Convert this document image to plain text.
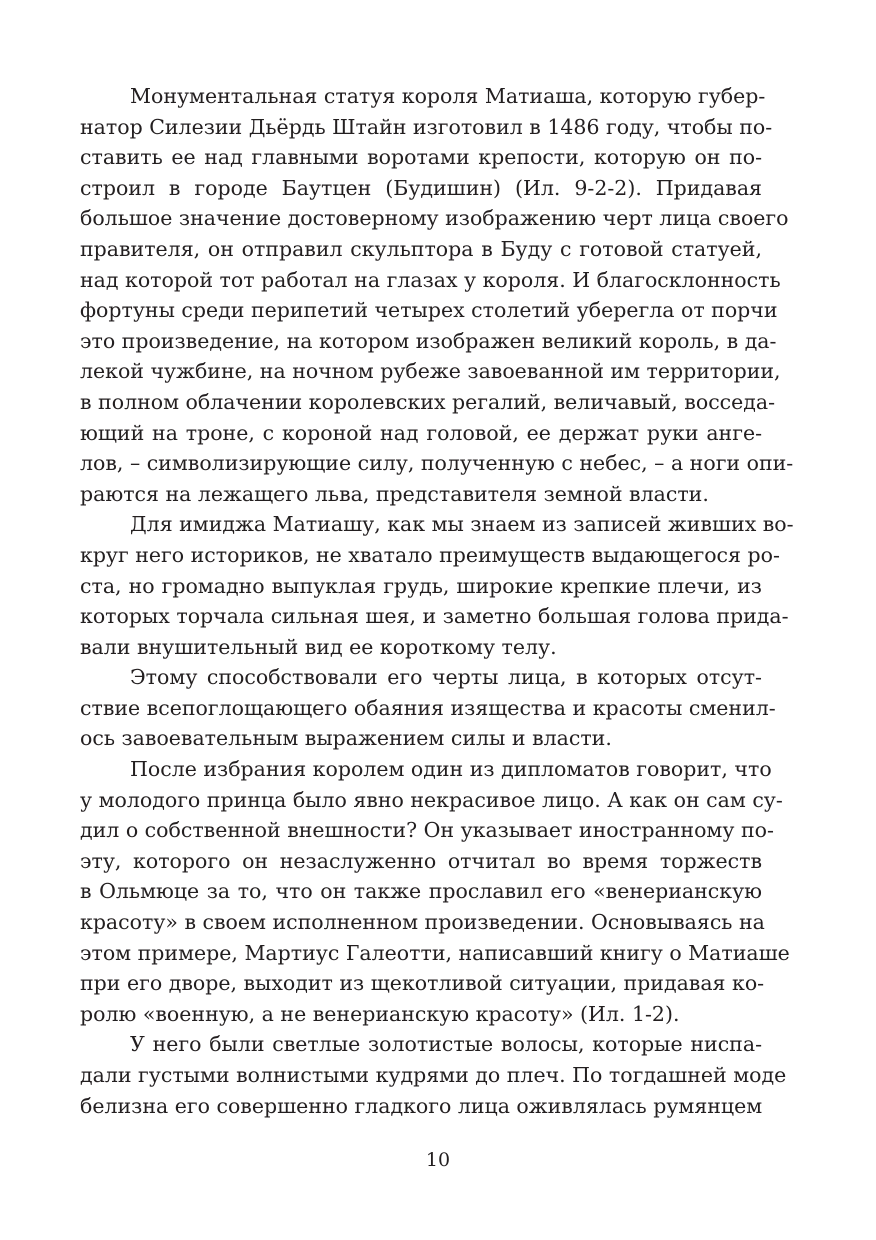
Монументальная статуя короля Матиаша, которую губер-
натор Силезии Дьёрдь Штайн изготовил в 1486 году, чтобы по-
ставить ее над главными воротами крепости, которую он по-
строил в городе Баутцен (Будишин) (Ил. 9-2-2). Придавая
большое значение достоверному изображению черт лица своего
правителя, он отправил скульптора в Буду с готовой статуей,
над которой тот работал на глазах у короля. И благосклонность
фортуны среди перипетий четырех столетий уберегла от порчи
это произведение, на котором изображен великий король, в да-
лекой чужбине, на ночном рубеже завоеванной им территории,
в полном облачении королевских регалий, величавый, восседа-
ющий на троне, с короной над головой, ее держат руки анге-
лов, – символизирующие силу, полученную с небес, – а ноги опи-
раются на лежащего льва, представителя земной власти.
Для имиджа Матиашу, как мы знаем из записей живших во-
круг него историков, не хватало преимуществ выдающегося ро-
ста, но громадно выпуклая грудь, широкие крепкие плечи, из
которых торчала сильная шея, и заметно большая голова прида-
вали внушительный вид ее короткому телу.
Этому способствовали его черты лица, в которых отсут-
ствие всепоглощающего обаяния изящества и красоты сменил-
ось завоевательным выражением силы и власти.
После избрания королем один из дипломатов говорит, что
у молодого принца было явно некрасивое лицо. А как он сам су-
дил о собственной внешности? Он указывает иностранному по-
эту, которого он незаслуженно отчитал во время торжеств
в Ольмюце за то, что он также прославил его «венерианскую
красоту» в своем исполненном произведении. Основываясь на
этом примере, Мартиус Галеотти, написавший книгу о Матиаше
при его дворе, выходит из щекотливой ситуации, придавая ко-
ролю «военную, а не венерианскую красоту» (Ил. 1-2).
У него были светлые золотистые волосы, которые ниспа-
дали густыми волнистыми кудрями до плеч. По тогдашней моде
белизна его совершенно гладкого лица оживлялась румянцем
10
